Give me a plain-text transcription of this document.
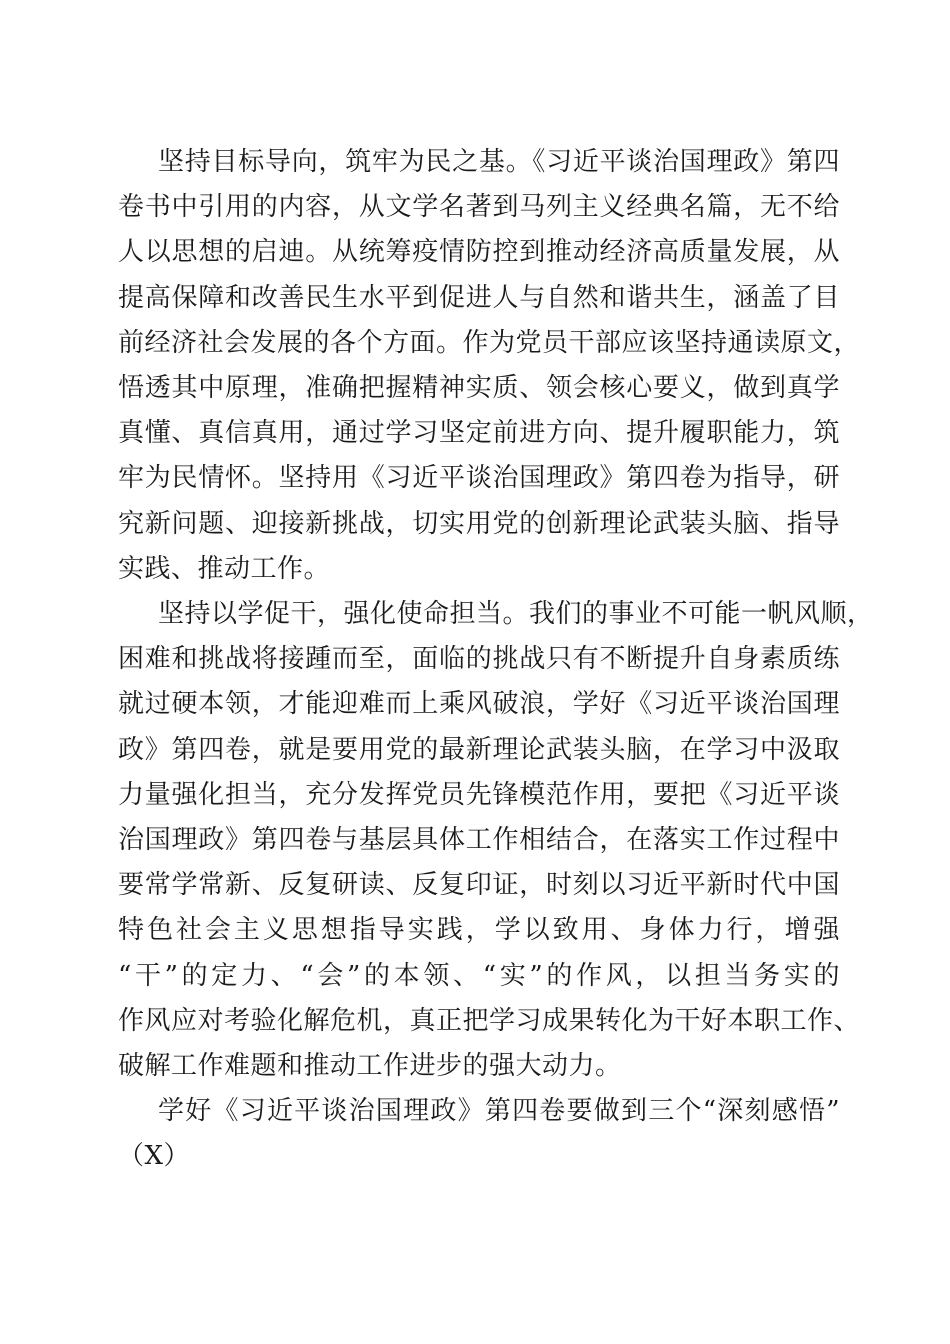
坚持目标导向，筑牢为民之基。《习近平谈治国理政》第四
卷书中引用的内容，从文学名著到马列主义经典名篇，无不给
人以思想的启迪。从统筹疫情防控到推动经济高质量发展，从
提高保障和改善民生水平到促进人与自然和谐共生，涵盖了目
前经济社会发展的各个方面。作为党员干部应该坚持通读原文，
悟透其中原理，准确把握精神实质、领会核心要义，做到真学
真懂、真信真用，通过学习坚定前进方向、提升履职能力，筑
牢为民情怀。坚持用《习近平谈治国理政》第四卷为指导，研
究新问题、迎接新挑战，切实用党的创新理论武装头脑、指导
实践、推动工作。
坚持以学促干，强化使命担当。我们的事业不可能一帆风顺，
困难和挑战将接踵而至，面临的挑战只有不断提升自身素质练
就过硬本领，才能迎难而上乘风破浪，学好《习近平谈治国理
政》第四卷，就是要用党的最新理论武装头脑，在学习中汲取
力量强化担当，充分发挥党员先锋模范作用，要把《习近平谈
治国理政》第四卷与基层具体工作相结合，在落实工作过程中
要常学常新、反复研读、反复印证，时刻以习近平新时代中国
特色社会主义思想指导实践，学以致用、身体力行，增强
“干”的定力、“会”的本领、“实”的作风，以担当务实的
作风应对考验化解危机，真正把学习成果转化为干好本职工作、
破解工作难题和推动工作进步的强大动力。
学好《习近平谈治国理政》第四卷要做到三个“深刻感悟”
（X）
